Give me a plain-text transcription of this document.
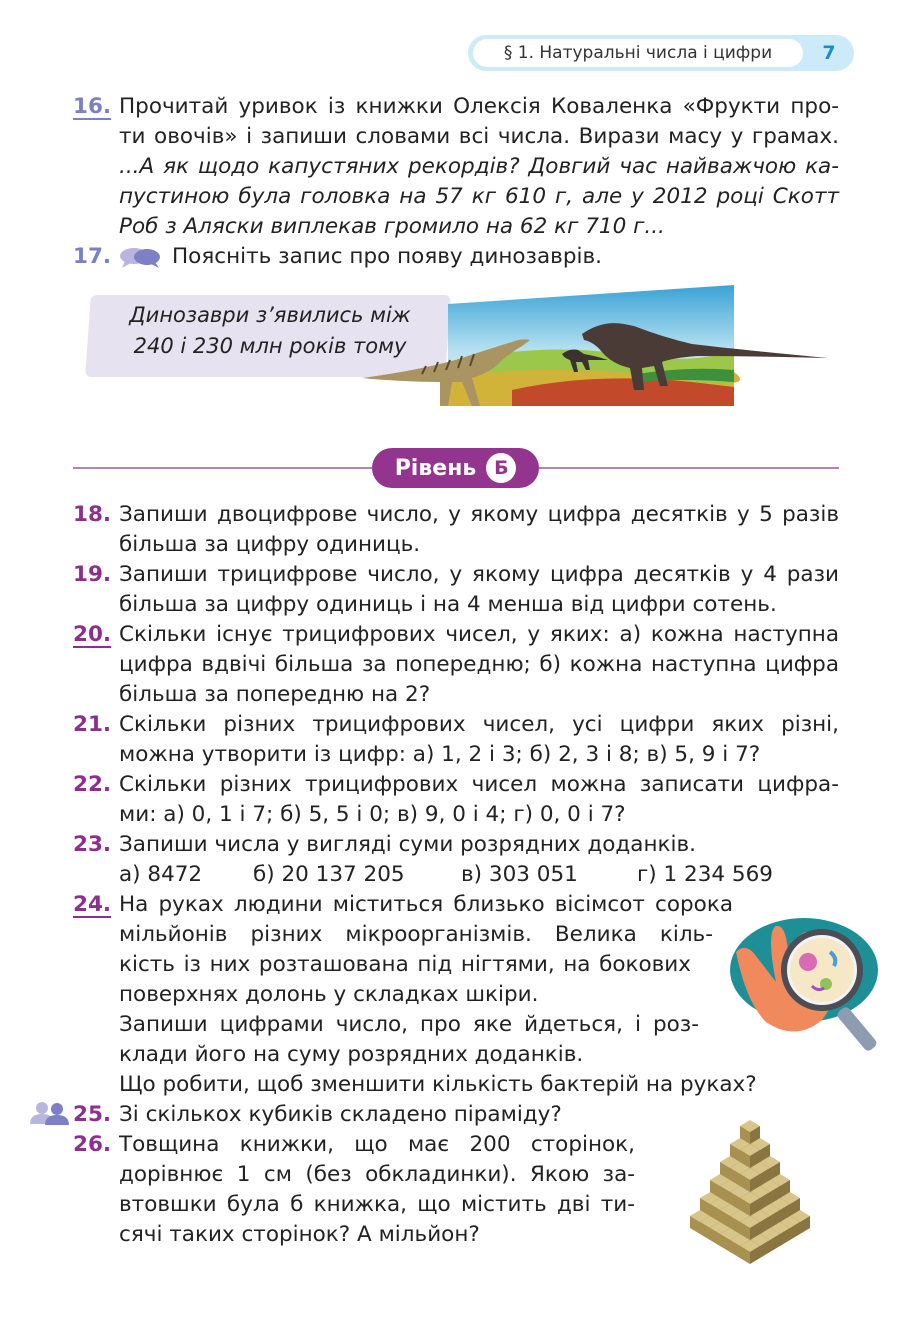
§ 1. Натуральні числа і цифри	7
16. Прочитай уривок із книжки Олексія Коваленка «Фрукти про-
ти овочів» і запиши словами всі числа. Вирази масу у грамах.
...А як щодо капустяних рекордів? Довгий час найважчою ка-
пустиною була головка на 57 кг 610 г, але у 2012 році Скотт
Роб з Аляски виплекав громило на 62 кг 710 г...
17.	Поясніть запис про появу динозаврів.
Динозаври з’явились між
240 і 230 млн років тому
Рівень Б
18. Запиши двоцифрове число, у якому цифра десятків у 5 разів
більша за цифру одиниць.
19. Запиши трицифрове число, у якому цифра десятків у 4 рази
більша за цифру одиниць і на 4 менша від цифри сотень.
20. Скільки існує трицифрових чисел, у яких: а) кожна наступна
цифра вдвічі більша за попередню; б) кожна наступна цифра
більша за попередню на 2?
21. Скільки різних трицифрових чисел, усі цифри яких різні,
можна утворити із цифр: а) 1, 2 і 3; б) 2, 3 і 8; в) 5, 9 і 7?
22. Скільки різних трицифрових чисел можна записати цифра-
ми: а) 0, 1 і 7; б) 5, 5 і 0; в) 9, 0 і 4; г) 0, 0 і 7?
23. Запиши числа у вигляді суми розрядних доданків.
а) 8472 б) 20 137 205	в) 303 051	г) 1 234 569
24. На руках людини міститься близько вісімсот сорока
мільйонів різних мікроорганізмів. Велика кіль-
кість із них розташована під нігтями, на бокових
поверхнях долонь у складках шкіри.
Запиши цифрами число, про яке йдеться, і роз-
клади його на суму розрядних доданків.
Що робити, щоб зменшити кількість бактерій на руках?
25. Зі скількох кубиків складено піраміду?
26. Товщина книжки, що має 200 сторінок,
дорівнює 1 см (без обкладинки). Якою за-
втовшки була б книжка, що містить дві ти-
сячі таких сторінок? А мільйон?
